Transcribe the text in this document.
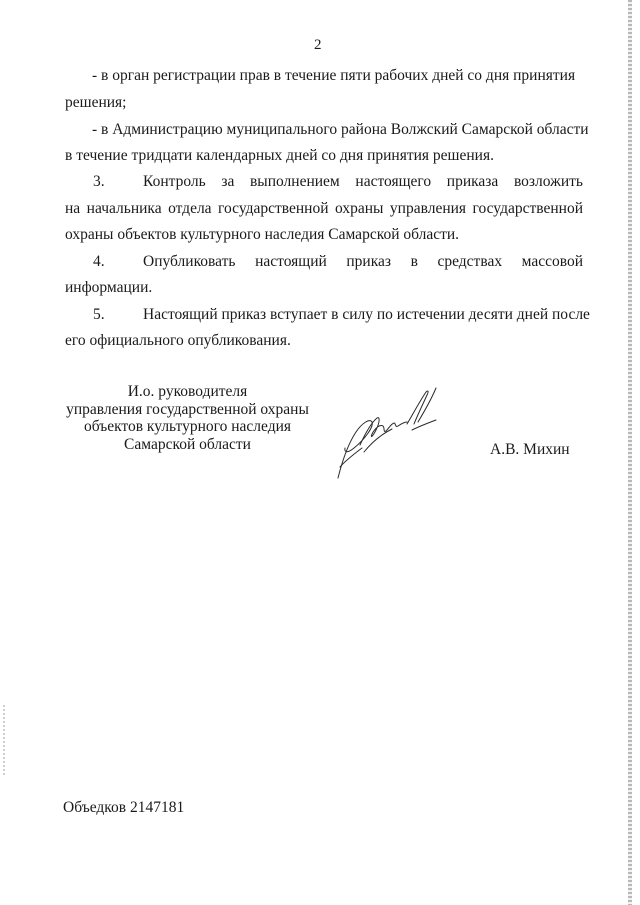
2
- в орган регистрации прав в течение пяти рабочих дней со дня принятия
решения;
- в Администрацию муниципального района Волжский Самарской области
в течение тридцати календарных дней со дня принятия решения.
3. Контроль за выполнением настоящего приказа возложить
на начальника отдела государственной охраны управления государственной
охраны объектов культурного наследия Самарской области.
4. Опубликовать настоящий приказ в средствах массовой
информации.
5. Настоящий приказ вступает в силу по истечении десяти дней после
его официального опубликования.
И.о. руководителя
управления государственной охраны
объектов культурного наследия
Самарской области	А.В. Михин
Объедков 2147181
